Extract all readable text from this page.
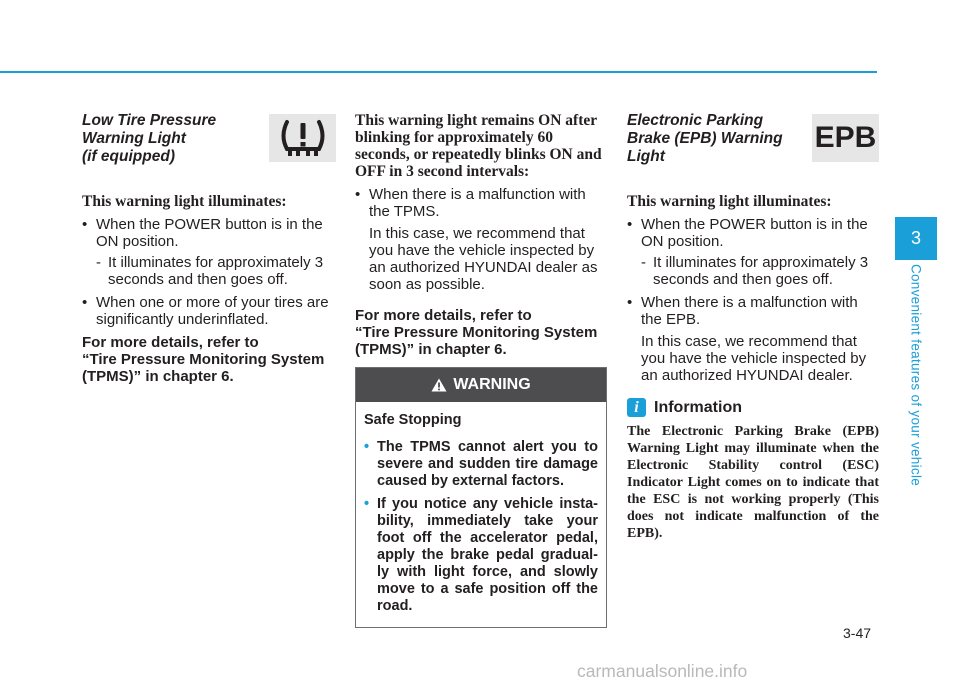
Low Tire Pressure
Warning Light
(if equipped)

This warning light illuminates:

• When the POWER button is in the ON position.

- It illuminates for approximately 3 seconds and then goes off.

• When one or more of your tires are significantly underinflated.

For more details, refer to
“Tire Pressure Monitoring System
(TPMS)” in chapter 6.

This warning light remains ON after blinking for approximately 60 seconds, or repeatedly blinks ON and OFF in 3 second intervals:

• When there is a malfunction with the TPMS.

In this case, we recommend that you have the vehicle inspected by an authorized HYUNDAI dealer as soon as possible.

For more details, refer to
“Tire Pressure Monitoring System
(TPMS)” in chapter 6.

WARNING

Safe Stopping

• The TPMS cannot alert you to severe and sudden tire damage caused by external factors.

• If you notice any vehicle insta-bility, immediately take your foot off the accelerator pedal, apply the brake pedal gradual-ly with light force, and slowly move to a safe position off the road.

Electronic Parking
Brake (EPB) Warning
Light
EPB

This warning light illuminates:

• When the POWER button is in the ON position.

- It illuminates for approximately 3 seconds and then goes off.

• When there is a malfunction with the EPB.

In this case, we recommend that you have the vehicle inspected by an authorized HYUNDAI dealer.

i Information

The Electronic Parking Brake (EPB) Warning Light may illuminate when the Electronic Stability control (ESC) Indicator Light comes on to indicate that the ESC is not working properly (This does not indicate malfunction of the EPB).

3
Convenient features of your vehicle
3-47
carmanualsonline.info
